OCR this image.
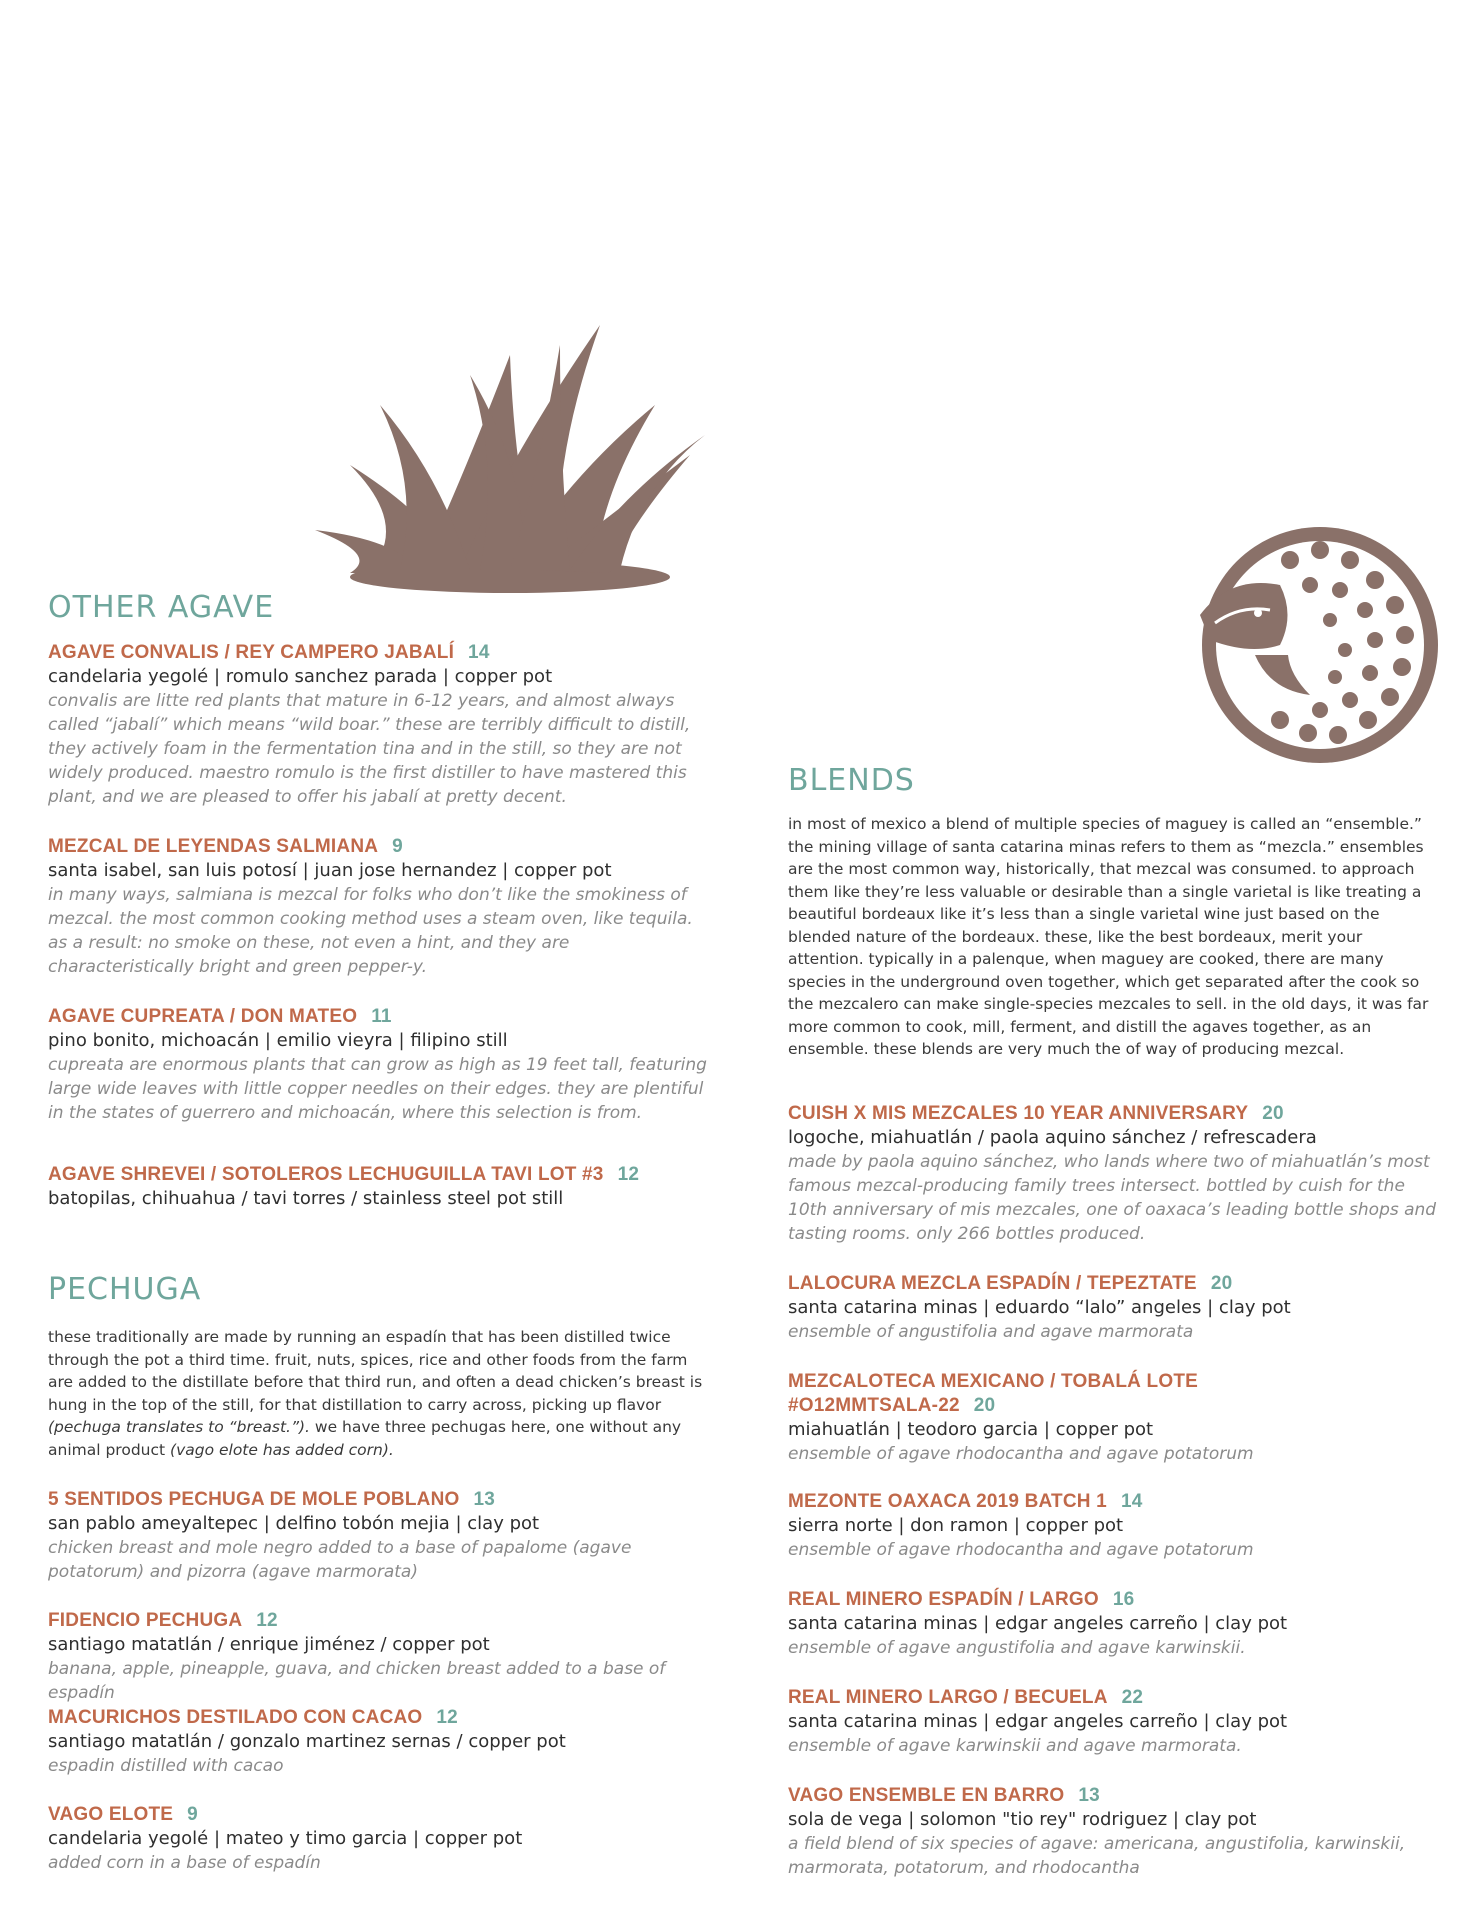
OTHER AGAVE

AGAVE CONVALIS / REY CAMPERO JABALÍ 14

candelaria yegolé | romulo sanchez parada | copper pot

convalis are litte red plants that mature in 6-12 years, and almost always called “jabalí” which means “wild boar.” these are terribly difficult to distill, they actively foam in the fermentation tina and in the still, so they are not widely produced. maestro romulo is the first distiller to have mastered this plant, and we are pleased to offer his jabalí at pretty decent.

MEZCAL DE LEYENDAS SALMIANA 9

santa isabel, san luis potosí | juan jose hernandez | copper pot

in many ways, salmiana is mezcal for folks who don’t like the smokiness of mezcal. the most common cooking method uses a steam oven, like tequila. as a result: no smoke on these, not even a hint, and they are characteristically bright and green pepper-y.

AGAVE CUPREATA / DON MATEO 11

pino bonito, michoacán | emilio vieyra | filipino still

cupreata are enormous plants that can grow as high as 19 feet tall, featuring large wide leaves with little copper needles on their edges. they are plentiful in the states of guerrero and michoacán, where this selection is from.

AGAVE SHREVEI / SOTOLEROS LECHUGUILLA TAVI LOT #3 12

batopilas, chihuahua / tavi torres / stainless steel pot still

PECHUGA

these traditionally are made by running an espadín that has been distilled twice through the pot a third time. fruit, nuts, spices, rice and other foods from the farm are added to the distillate before that third run, and often a dead chicken’s breast is hung in the top of the still, for that distillation to carry across, picking up flavor (pechuga translates to “breast.”). we have three pechugas here, one without any animal product (vago elote has added corn).

5 SENTIDOS PECHUGA DE MOLE POBLANO 13

san pablo ameyaltepec | delfino tobón mejia | clay pot

chicken breast and mole negro added to a base of papalome (agave potatorum) and pizorra (agave marmorata)

FIDENCIO PECHUGA 12

santiago matatlán / enrique jiménez / copper pot

banana, apple, pineapple, guava, and chicken breast added to a base of espadín

MACURICHOS DESTILADO CON CACAO 12

santiago matatlán / gonzalo martinez sernas / copper pot

espadin distilled with cacao

VAGO ELOTE 9

candelaria yegolé | mateo y timo garcia | copper pot

added corn in a base of espadín

BLENDS

in most of mexico a blend of multiple species of maguey is called an “ensemble.” the mining village of santa catarina minas refers to them as “mezcla.” ensembles are the most common way, historically, that mezcal was consumed. to approach them like they’re less valuable or desirable than a single varietal is like treating a beautiful bordeaux like it’s less than a single varietal wine just based on the blended nature of the bordeaux. these, like the best bordeaux, merit your attention. typically in a palenque, when maguey are cooked, there are many species in the underground oven together, which get separated after the cook so the mezcalero can make single-species mezcales to sell. in the old days, it was far more common to cook, mill, ferment, and distill the agaves together, as an ensemble. these blends are very much the of way of producing mezcal.

CUISH X MIS MEZCALES 10 YEAR ANNIVERSARY 20

logoche, miahuatlán / paola aquino sánchez / refrescadera

made by paola aquino sánchez, who lands where two of miahuatlán’s most famous mezcal-producing family trees intersect. bottled by cuish for the 10th anniversary of mis mezcales, one of oaxaca’s leading bottle shops and tasting rooms. only 266 bottles produced.

LALOCURA MEZCLA ESPADÍN / TEPEZTATE 20

santa catarina minas | eduardo “lalo” angeles | clay pot

ensemble of angustifolia and agave marmorata

MEZCALOTECA MEXICANO / TOBALÁ LOTE #O12MMTSALA-22 20

miahuatlán | teodoro garcia | copper pot

ensemble of agave rhodocantha and agave potatorum

MEZONTE OAXACA 2019 BATCH 1 14

sierra norte | don ramon | copper pot

ensemble of agave rhodocantha and agave potatorum

REAL MINERO ESPADÍN / LARGO 16

santa catarina minas | edgar angeles carreño | clay pot

ensemble of agave angustifolia and agave karwinskii.

REAL MINERO LARGO / BECUELA 22

santa catarina minas | edgar angeles carreño | clay pot

ensemble of agave karwinskii and agave marmorata.

VAGO ENSEMBLE EN BARRO 13

sola de vega | solomon "tio rey" rodriguez | clay pot

a field blend of six species of agave: americana, angustifolia, karwinskii, marmorata, potatorum, and rhodocantha
